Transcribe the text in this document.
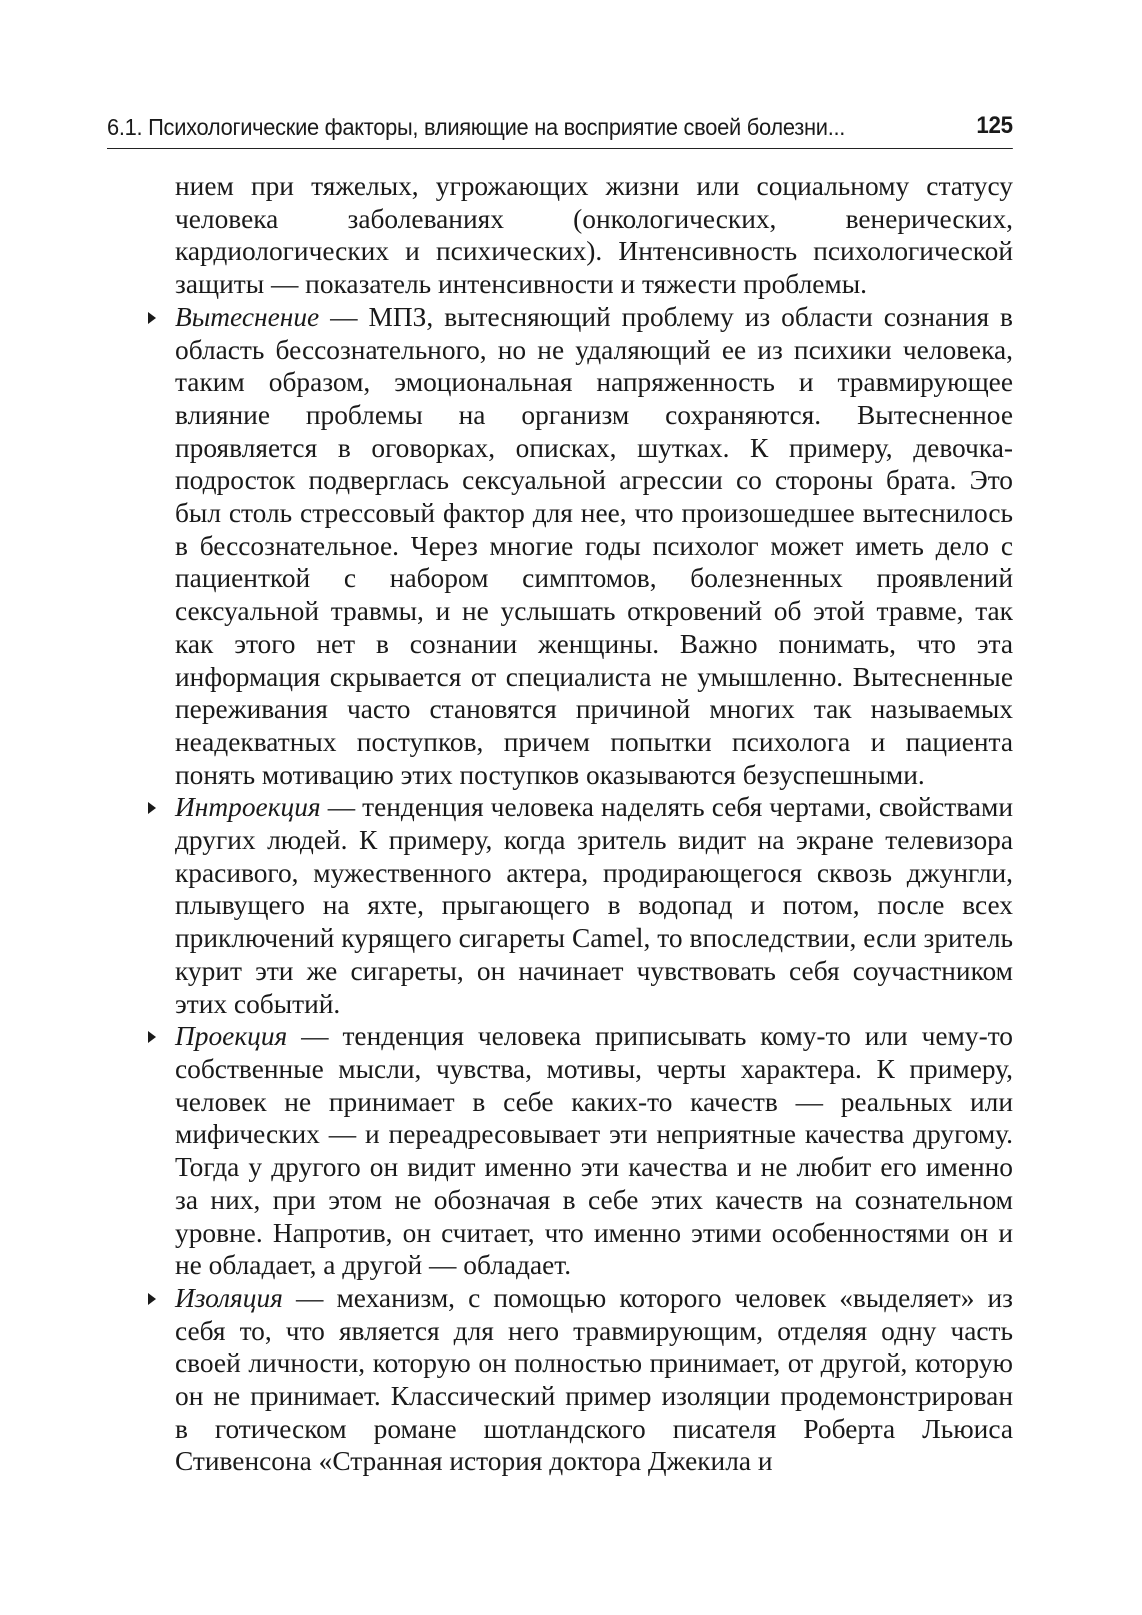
6.1. Психологические факторы, влияющие на восприятие своей болезни...	125

нием при тяжелых, угрожающих жизни или социальному статусу человека заболеваниях (онкологических, венерических, кардиологических и психических). Интенсивность психологической защиты — показатель интенсивности и тяжести проблемы.

Вытеснение — МПЗ, вытесняющий проблему из области сознания в область бессознательного, но не удаляющий ее из психики человека, таким образом, эмоциональная напряженность и травмирующее влияние проблемы на организм сохраняются. Вытесненное проявляется в оговорках, описках, шутках. К примеру, девочка-подросток подверглась сексуальной агрессии со стороны брата. Это был столь стрессовый фактор для нее, что произошедшее вытеснилось в бессознательное. Через многие годы психолог может иметь дело с пациенткой с набором симптомов, болезненных проявлений сексуальной травмы, и не услышать откровений об этой травме, так как этого нет в сознании женщины. Важно понимать, что эта информация скрывается от специалиста не умышленно. Вытесненные переживания часто становятся причиной многих так называемых неадекватных поступков, причем попытки психолога и пациента понять мотивацию этих поступков оказываются безуспешными.
Интроекция — тенденция человека наделять себя чертами, свойствами других людей. К примеру, когда зритель видит на экране телевизора красивого, мужественного актера, продирающегося сквозь джунгли, плывущего на яхте, прыгающего в водопад и потом, после всех приключений курящего сигареты Camel, то впоследствии, если зритель курит эти же сигареты, он начинает чувствовать себя соучастником этих событий.
Проекция — тенденция человека приписывать кому-то или чему-то собственные мысли, чувства, мотивы, черты характера. К примеру, человек не принимает в себе каких-то качеств — реальных или мифических — и переадресовывает эти неприятные качества другому. Тогда у другого он видит именно эти качества и не любит его именно за них, при этом не обозначая в себе этих качеств на сознательном уровне. Напротив, он считает, что именно этими особенностями он и не обладает, а другой — обладает.
Изоляция — механизм, с помощью которого человек «выделяет» из себя то, что является для него травмирующим, отделяя одну часть своей личности, которую он полностью принимает, от другой, которую он не принимает. Классический пример изоляции продемонстрирован в готическом романе шотландского писателя Роберта Льюиса Стивенсона «Странная история доктора Джекила и
